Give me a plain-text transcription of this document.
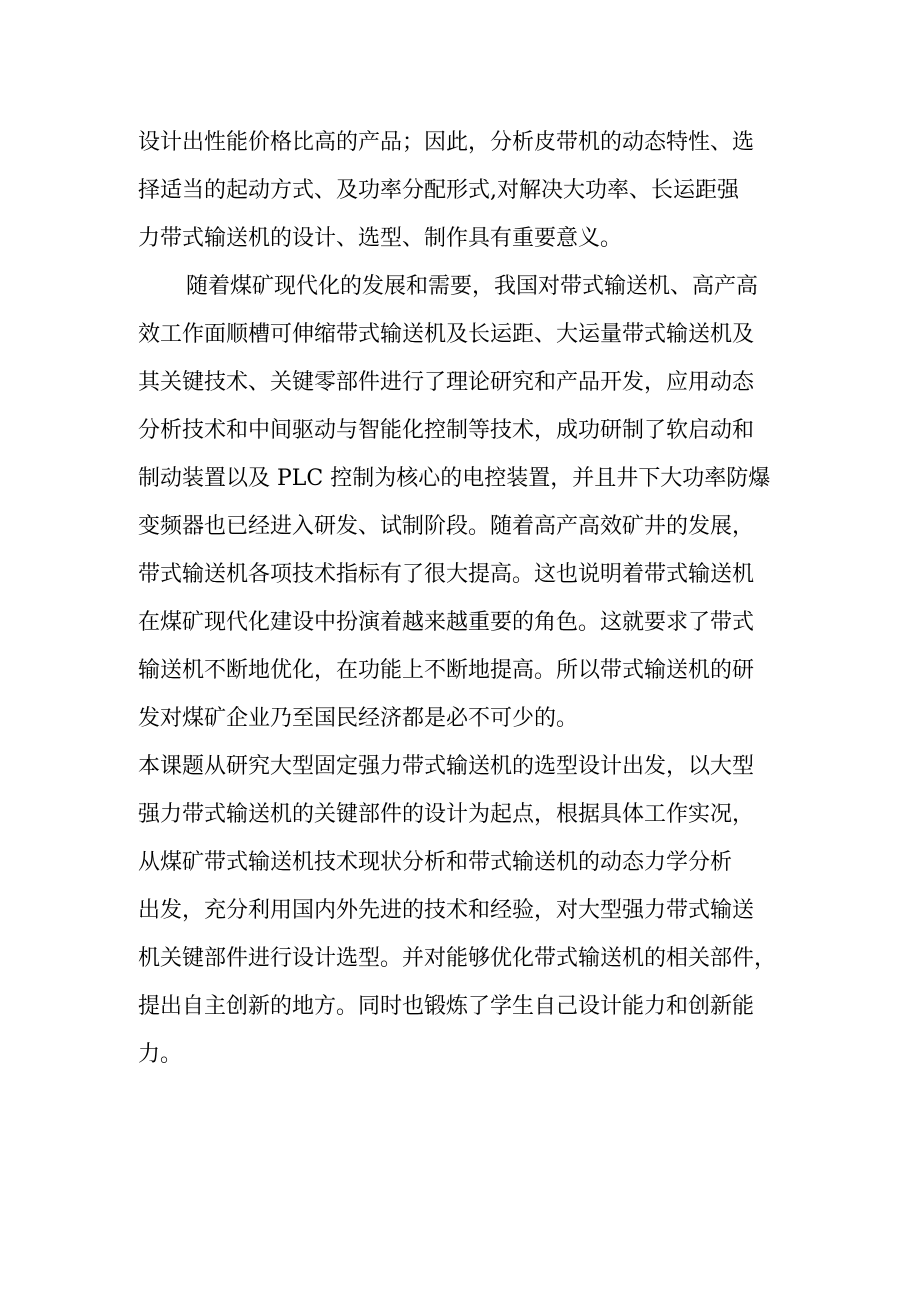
设计出性能价格比高的产品；因此，分析皮带机的动态特性、选
择适当的起动方式、及功率分配形式,对解决大功率、长运距强
力带式输送机的设计、选型、制作具有重要意义。
随着煤矿现代化的发展和需要，我国对带式输送机、高产高
效工作面顺槽可伸缩带式输送机及长运距、大运量带式输送机及
其关键技术、关键零部件进行了理论研究和产品开发，应用动态
分析技术和中间驱动与智能化控制等技术，成功研制了软启动和
制动装置以及 PLC 控制为核心的电控装置，并且井下大功率防爆
变频器也已经进入研发、试制阶段。随着高产高效矿井的发展，
带式输送机各项技术指标有了很大提高。这也说明着带式输送机
在煤矿现代化建设中扮演着越来越重要的角色。这就要求了带式
输送机不断地优化，在功能上不断地提高。所以带式输送机的研
发对煤矿企业乃至国民经济都是必不可少的。
本课题从研究大型固定强力带式输送机的选型设计出发，以大型
强力带式输送机的关键部件的设计为起点，根据具体工作实况，
从煤矿带式输送机技术现状分析和带式输送机的动态力学分析
出发，充分利用国内外先进的技术和经验，对大型强力带式输送
机关键部件进行设计选型。并对能够优化带式输送机的相关部件，
提出自主创新的地方。同时也锻炼了学生自己设计能力和创新能
力。
